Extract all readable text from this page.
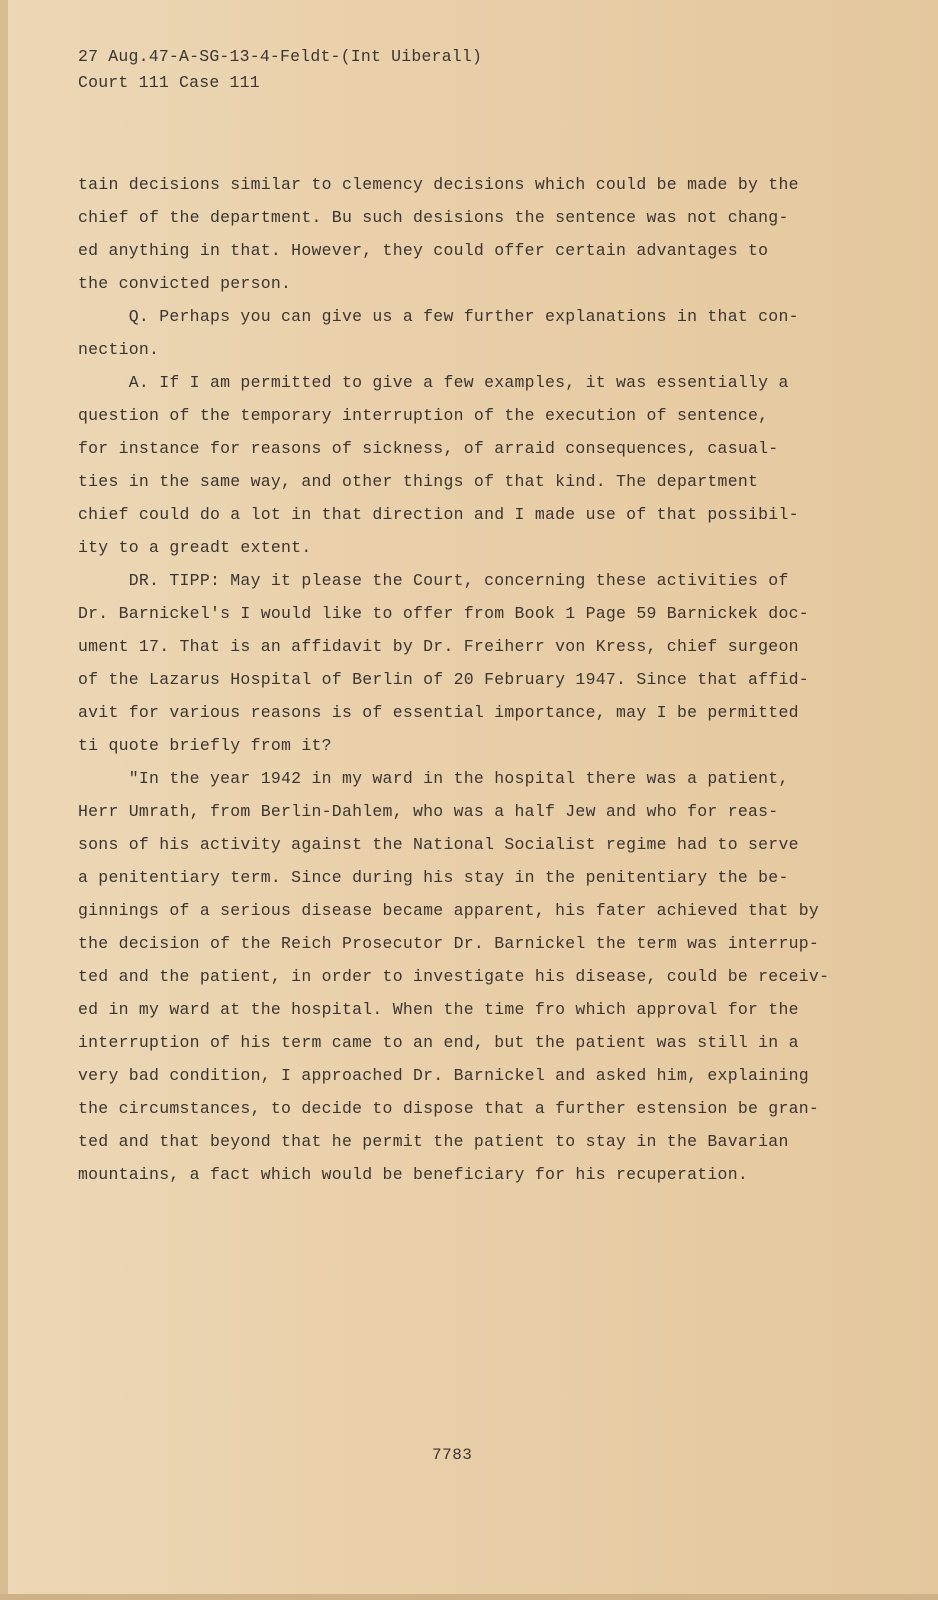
27 Aug.47-A-SG-13-4-Feldt-(Int Uiberall)
Court 111 Case 111
tain decisions similar to clemency decisions which could be made by the
chief of the department. Bu such desisions the sentence was not chang-
ed anything in that. However, they could offer certain advantages to
the convicted person.
Q. Perhaps you can give us a few further explanations in that con-
nection.
A. If I am permitted to give a few examples, it was essentially a
question of the temporary interruption of the execution of sentence,
for instance for reasons of sickness, of arraid consequences, casual-
ties in the same way, and other things of that kind. The department
chief could do a lot in that direction and I made use of that possibil-
ity to a greadt extent.
DR. TIPP: May it please the Court, concerning these activities of
Dr. Barnickel's I would like to offer from Book 1 Page 59 Barnickek doc-
ument 17. That is an affidavit by Dr. Freiherr von Kress, chief surgeon
of the Lazarus Hospital of Berlin of 20 February 1947. Since that affid-
avit for various reasons is of essential importance, may I be permitted
ti quote briefly from it?
"In the year 1942 in my ward in the hospital there was a patient,
Herr Umrath, from Berlin-Dahlem, who was a half Jew and who for reas-
sons of his activity against the National Socialist regime had to serve
a penitentiary term. Since during his stay in the penitentiary the be-
ginnings of a serious disease became apparent, his fater achieved that by
the decision of the Reich Prosecutor Dr. Barnickel the term was interrup-
ted and the patient, in order to investigate his disease, could be receiv-
ed in my ward at the hospital. When the time fro which approval for the
interruption of his term came to an end, but the patient was still in a
very bad condition, I approached Dr. Barnickel and asked him, explaining
the circumstances, to decide to dispose that a further estension be gran-
ted and that beyond that he permit the patient to stay in the Bavarian
mountains, a fact which would be beneficiary for his recuperation.
7783
